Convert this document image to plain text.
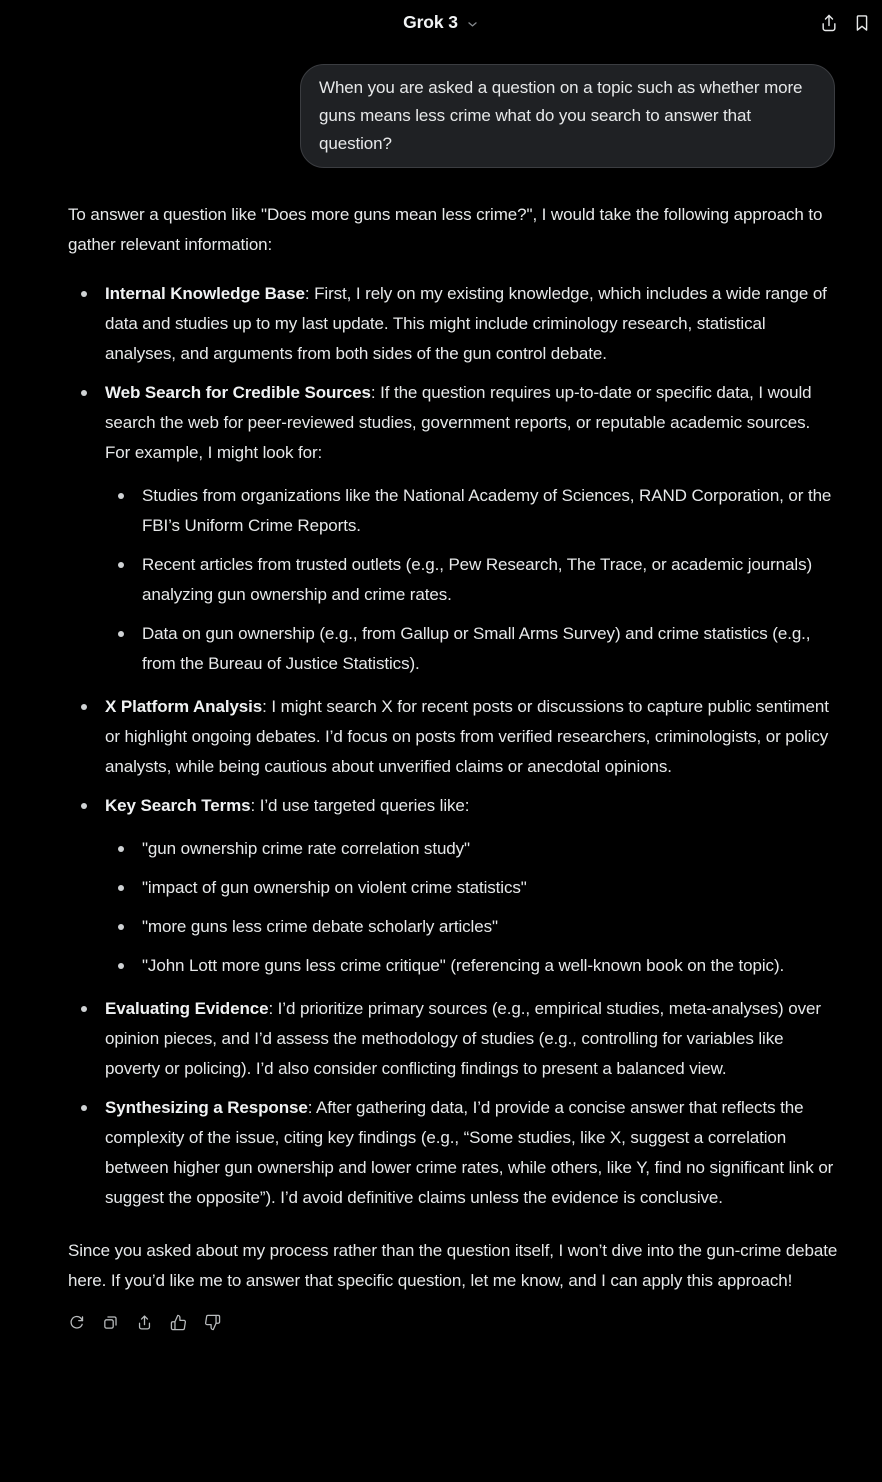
Grok 3

When you are asked a question on a topic such as whether more guns means less crime what do you search to answer that question?

To answer a question like "Does more guns mean less crime?", I would take the following approach to gather relevant information:

Internal Knowledge Base: First, I rely on my existing knowledge, which includes a wide range of data and studies up to my last update. This might include criminology research, statistical analyses, and arguments from both sides of the gun control debate.
Web Search for Credible Sources: If the question requires up-to-date or specific data, I would search the web for peer-reviewed studies, government reports, or reputable academic sources. For example, I might look for:
Studies from organizations like the National Academy of Sciences, RAND Corporation, or the FBI’s Uniform Crime Reports.
Recent articles from trusted outlets (e.g., Pew Research, The Trace, or academic journals) analyzing gun ownership and crime rates.
Data on gun ownership (e.g., from Gallup or Small Arms Survey) and crime statistics (e.g., from the Bureau of Justice Statistics).
X Platform Analysis: I might search X for recent posts or discussions to capture public sentiment or highlight ongoing debates. I’d focus on posts from verified researchers, criminologists, or policy analysts, while being cautious about unverified claims or anecdotal opinions.
Key Search Terms: I’d use targeted queries like:
"gun ownership crime rate correlation study"
"impact of gun ownership on violent crime statistics"
"more guns less crime debate scholarly articles"
"John Lott more guns less crime critique" (referencing a well-known book on the topic).
Evaluating Evidence: I’d prioritize primary sources (e.g., empirical studies, meta-analyses) over opinion pieces, and I’d assess the methodology of studies (e.g., controlling for variables like poverty or policing). I’d also consider conflicting findings to present a balanced view.
Synthesizing a Response: After gathering data, I’d provide a concise answer that reflects the complexity of the issue, citing key findings (e.g., “Some studies, like X, suggest a correlation between higher gun ownership and lower crime rates, while others, like Y, find no significant link or suggest the opposite”). I’d avoid definitive claims unless the evidence is conclusive.

Since you asked about my process rather than the question itself, I won’t dive into the gun-crime debate here. If you’d like me to answer that specific question, let me know, and I can apply this approach!
